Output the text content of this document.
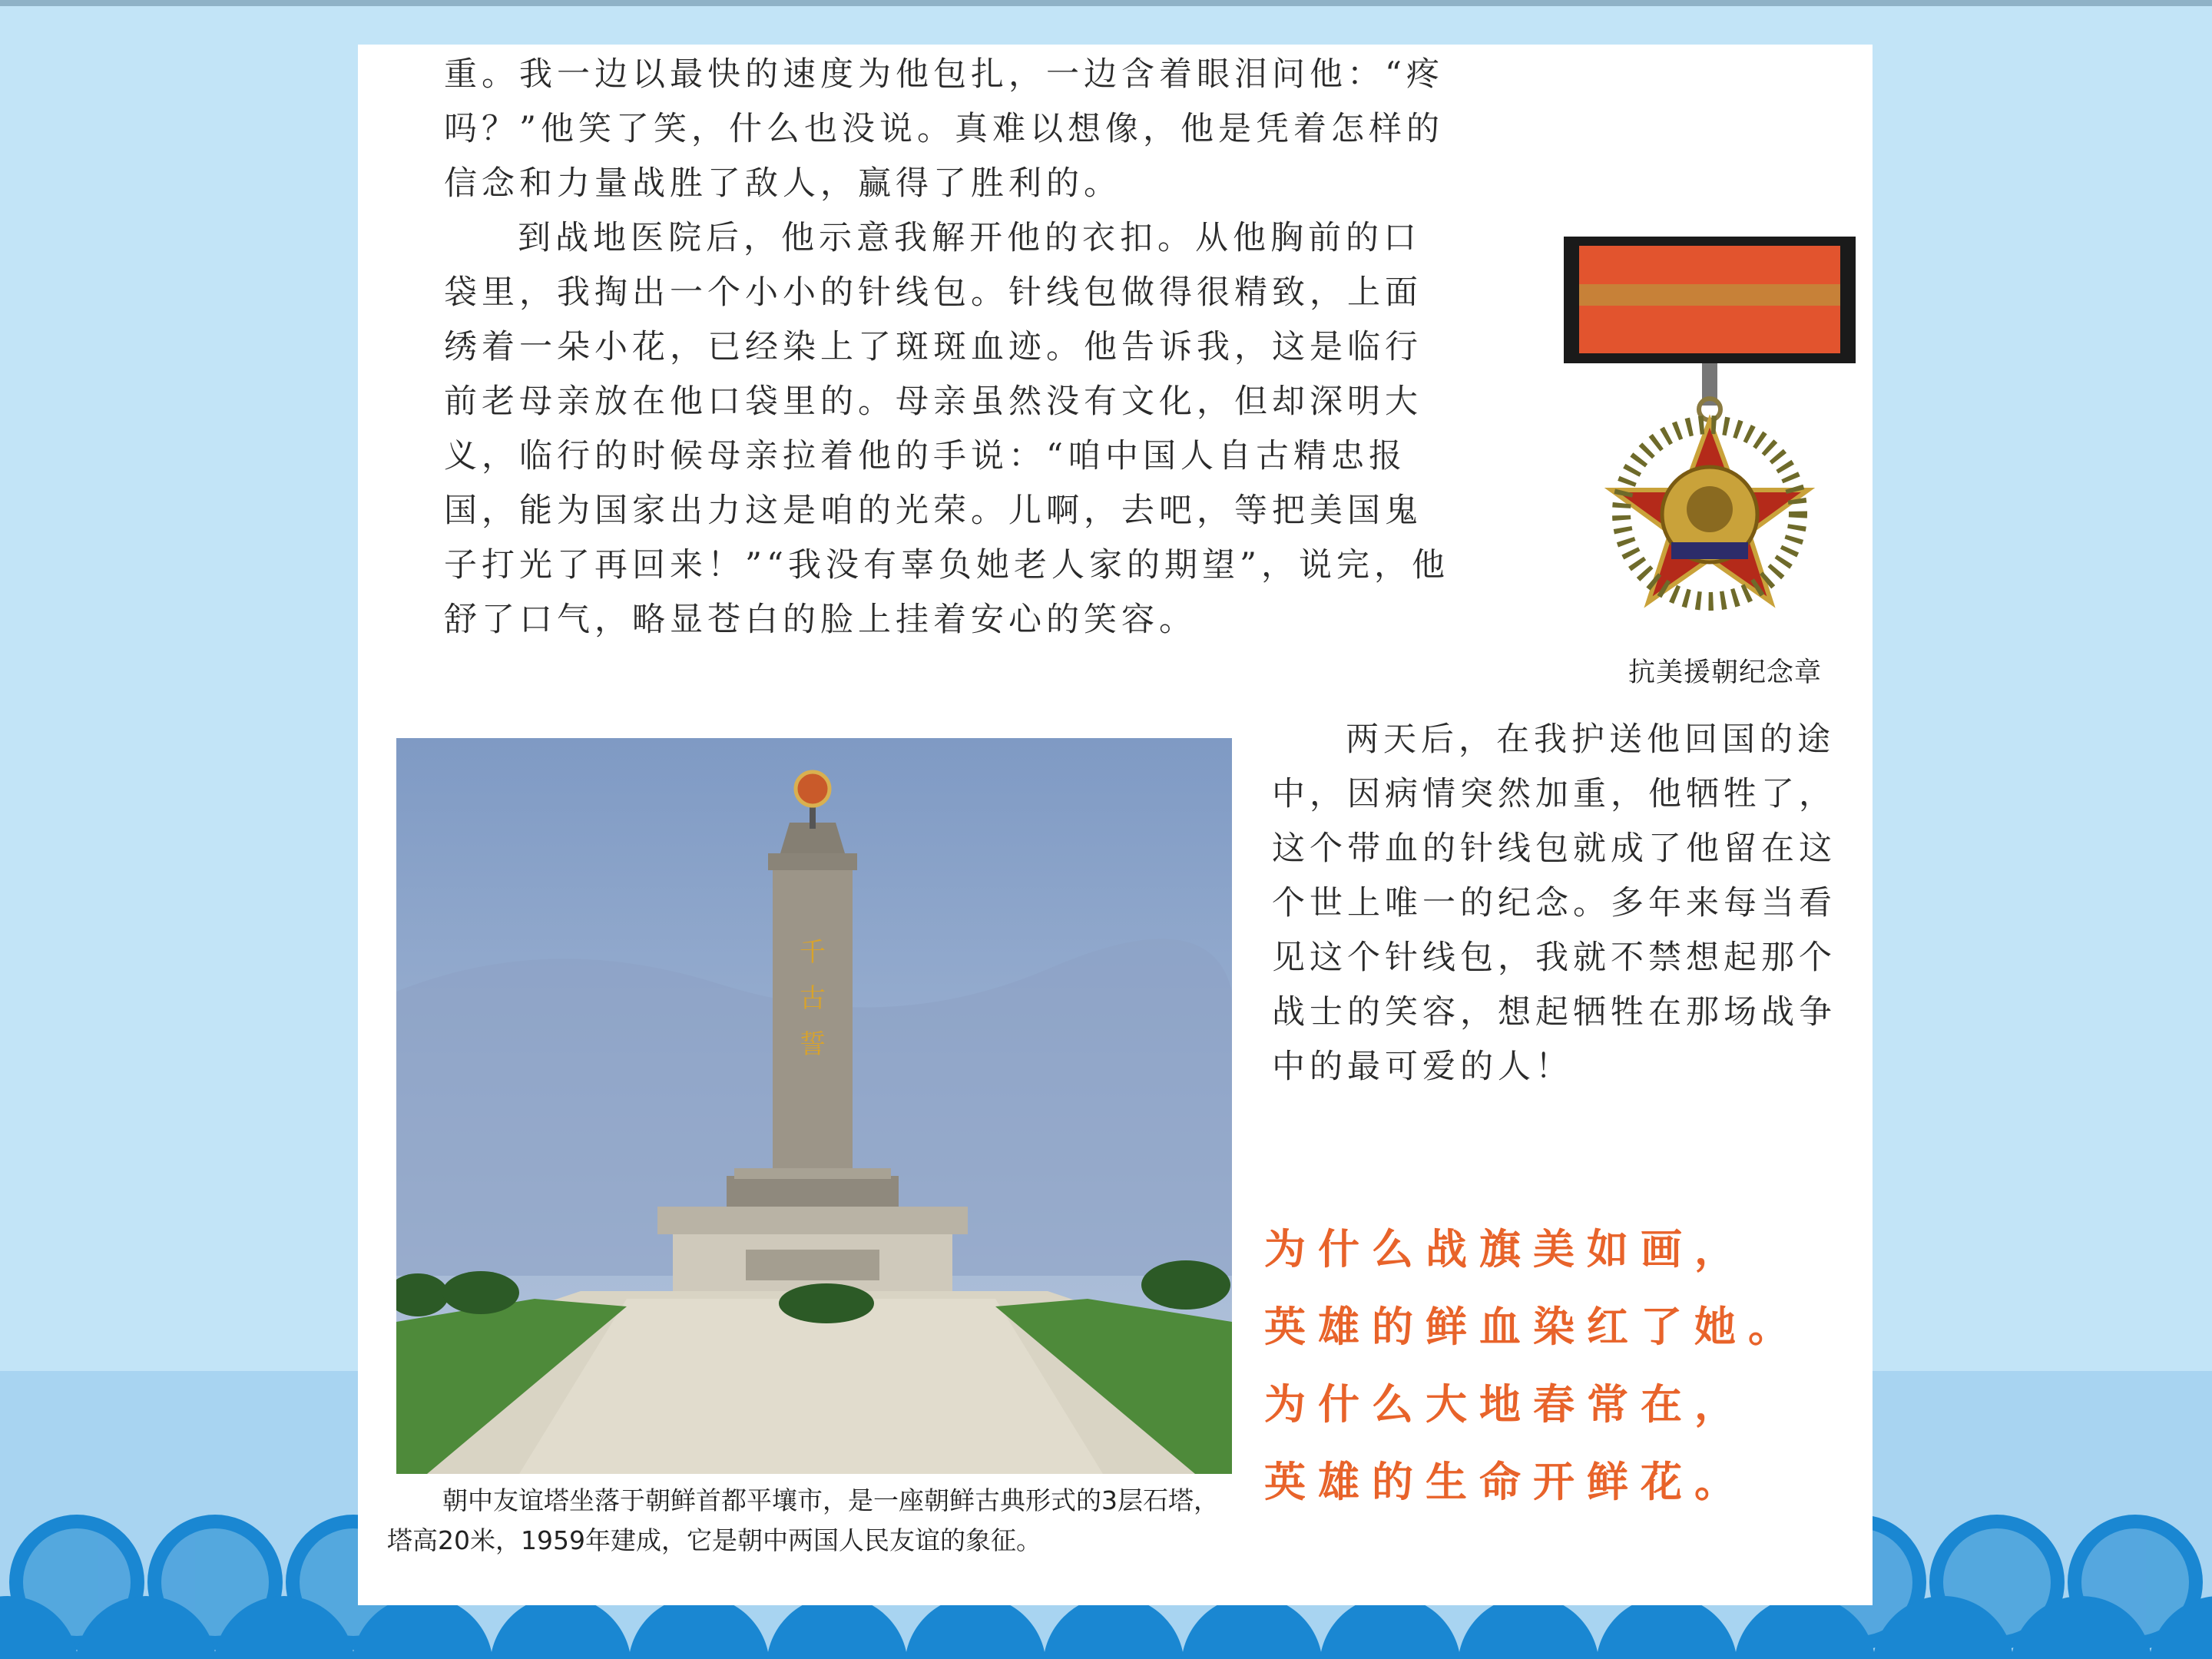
重。我一边以最快的速度为他包扎，一边含着眼泪问他：“疼吗？”他笑了笑，什么也没说。真难以想像，他是凭着怎样的信念和力量战胜了敌人，赢得了胜利的。

到战地医院后，他示意我解开他的衣扣。从他胸前的口袋里，我掏出一个小小的针线包。针线包做得很精致，上面绣着一朵小花，已经染上了斑斑血迹。他告诉我，这是临行前老母亲放在他口袋里的。母亲虽然没有文化，但却深明大义，临行的时候母亲拉着他的手说：“咱中国人自古精忠报国，能为国家出力这是咱的光荣。儿啊，去吧，等把美国鬼子打光了再回来！”“我没有辜负她老人家的期望”，说完，他舒了口气，略显苍白的脸上挂着安心的笑容。

抗美援朝纪念章

两天后，在我护送他回国的途中，因病情突然加重，他牺牲了，这个带血的针线包就成了他留在这个世上唯一的纪念。多年来每当看见这个针线包，我就不禁想起那个战士的笑容，想起牺牲在那场战争中的最可爱的人！

千
古
誓

朝中友谊塔坐落于朝鲜首都平壤市，是一座朝鲜古典形式的3层石塔，塔高20米，1959年建成，它是朝中两国人民友谊的象征。

为什么战旗美如画，
英雄的鲜血染红了她。
为什么大地春常在，
英雄的生命开鲜花。
